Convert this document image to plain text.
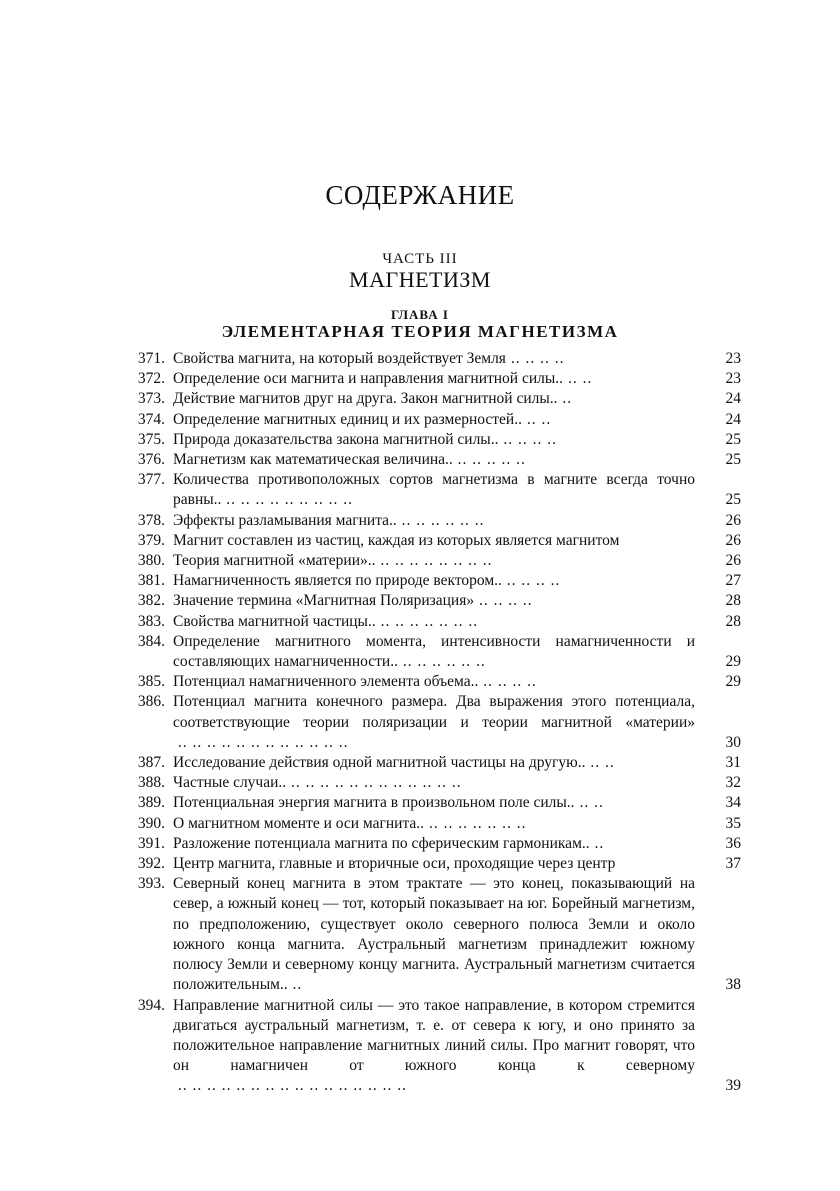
СОДЕРЖАНИЕ
ЧАСТЬ III
МАГНЕТИЗМ
ГЛАВА I
ЭЛЕМЕНТАРНАЯ ТЕОРИЯ МАГНЕТИЗМА
371. Свойства магнита, на который воздействует Земля .. .. .. ..	23
372. Определение оси магнита и направления магнитной силы.. .. ..	23
373. Действие магнитов друг на друга. Закон магнитной силы.. ..	24
374. Определение магнитных единиц и их размерностей.. .. ..	24
375. Природа доказательства закона магнитной силы.. .. .. .. ..	25
376. Магнетизм как математическая величина.. .. .. .. .. ..	25
377. Количества противоположных сортов магнетизма в магните всегда точно равны.. .. .. .. .. .. .. .. .. ..	25
378. Эффекты разламывания магнита.. .. .. .. .. .. ..	26
379. Магнит составлен из частиц, каждая из которых является магнитом	26
380. Теория магнитной «материи».. .. .. .. .. .. .. .. ..	26
381. Намагниченность является по природе вектором.. .. .. .. ..	27
382. Значение термина «Магнитная Поляризация» .. .. .. ..	28
383. Свойства магнитной частицы.. .. .. .. .. .. .. ..	28
384. Определение магнитного момента, интенсивности намагниченности и составляющих намагниченности.. .. .. .. .. .. ..	29
385. Потенциал намагниченного элемента объема.. .. .. .. ..	29
386. Потенциал магнита конечного размера. Два выражения этого потенциала, соответствующие теории поляризации и теории магнитной «материи» .. .. .. .. .. .. .. .. .. .. .. ..	30
387. Исследование действия одной магнитной частицы на другую.. .. ..	31
388. Частные случаи.. .. .. .. .. .. .. .. .. .. .. .. ..	32
389. Потенциальная энергия магнита в произвольном поле силы.. .. ..	34
390. О магнитном моменте и оси магнита.. .. .. .. .. .. .. ..	35
391. Разложение потенциала магнита по сферическим гармоникам.. ..	36
392. Центр магнита, главные и вторичные оси, проходящие через центр	37
393. Северный конец магнита в этом трактате — это конец, показывающий на север, а южный конец — тот, который показывает на юг. Борейный магнетизм, по предположению, существует около северного полюса Земли и около южного конца магнита. Аустральный магнетизм принадлежит южному полюсу Земли и северному концу магнита. Аустральный магнетизм считается положительным.. ..	38
394. Направление магнитной силы — это такое направление, в котором стремится двигаться аустральный магнетизм, т. е. от севера к югу, и оно принято за положительное направление магнитных линий силы. Про магнит говорят, что он намагничен от южного конца к северному .. .. .. .. .. .. .. .. .. .. .. .. .. .. .. ..	39
